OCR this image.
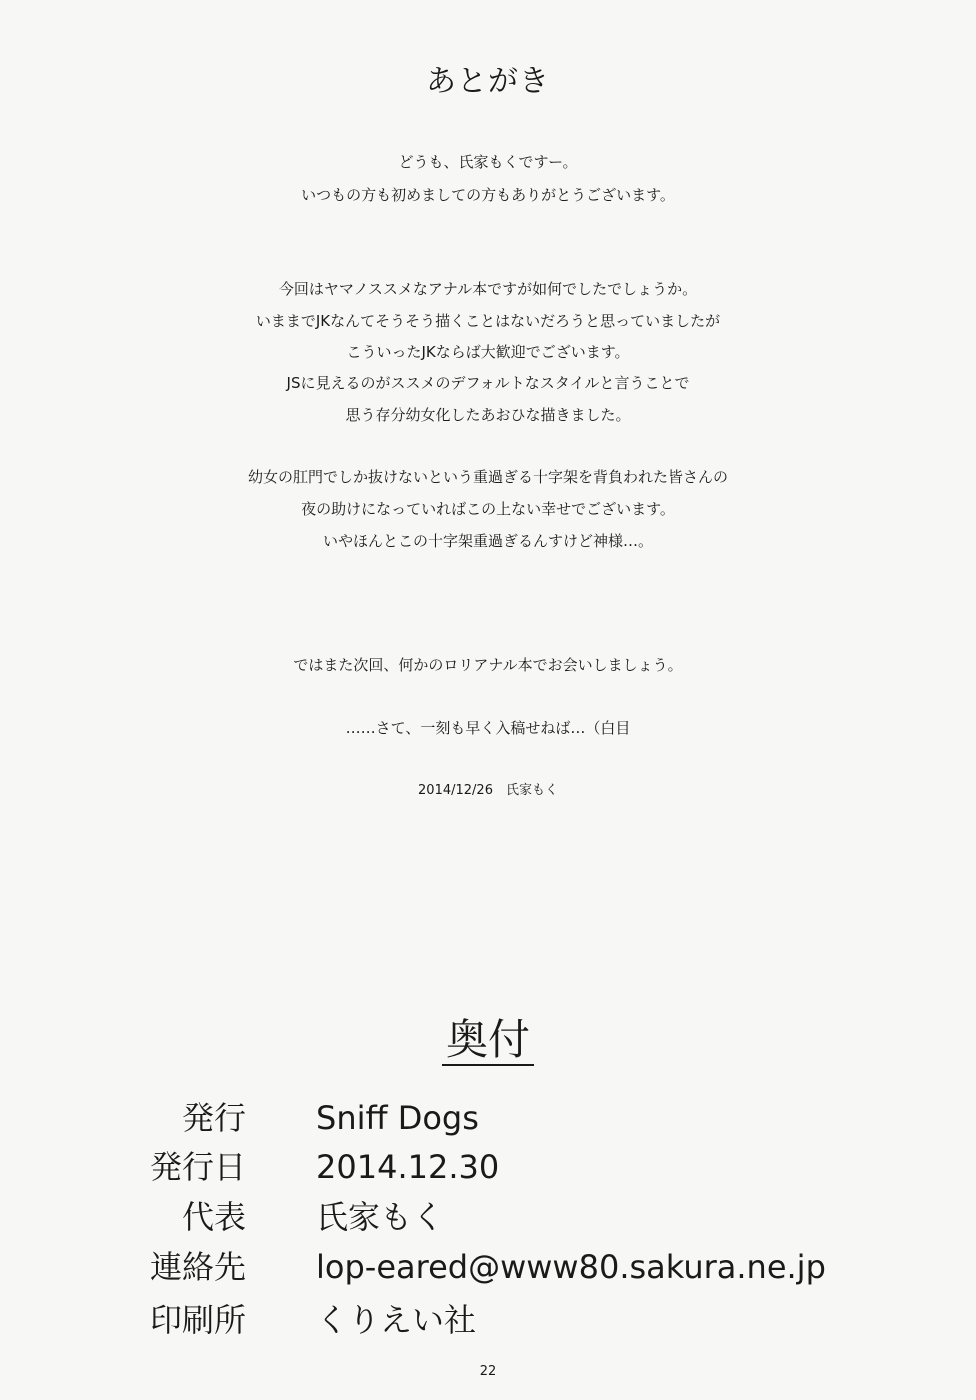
あとがき
どうも、氏家もくですー。
いつもの方も初めましての方もありがとうございます。
今回はヤマノススメなアナル本ですが如何でしたでしょうか。
いままでJKなんてそうそう描くことはないだろうと思っていましたが
こういったJKならば大歓迎でございます。
JSに見えるのがススメのデフォルトなスタイルと言うことで
思う存分幼女化したあおひな描きました。
幼女の肛門でしか抜けないという重過ぎる十字架を背負われた皆さんの
夜の助けになっていればこの上ない幸せでございます。
いやほんとこの十字架重過ぎるんすけど神様…。
ではまた次回、何かのロリアナル本でお会いしましょう。
……さて、一刻も早く入稿せねば…（白目
2014/12/26　氏家もく
奥付
発行 Sniff Dogs
発行日 2014.12.30
代表 氏家もく
連絡先 lop-eared@www80.sakura.ne.jp
印刷所 くりえい社
22
